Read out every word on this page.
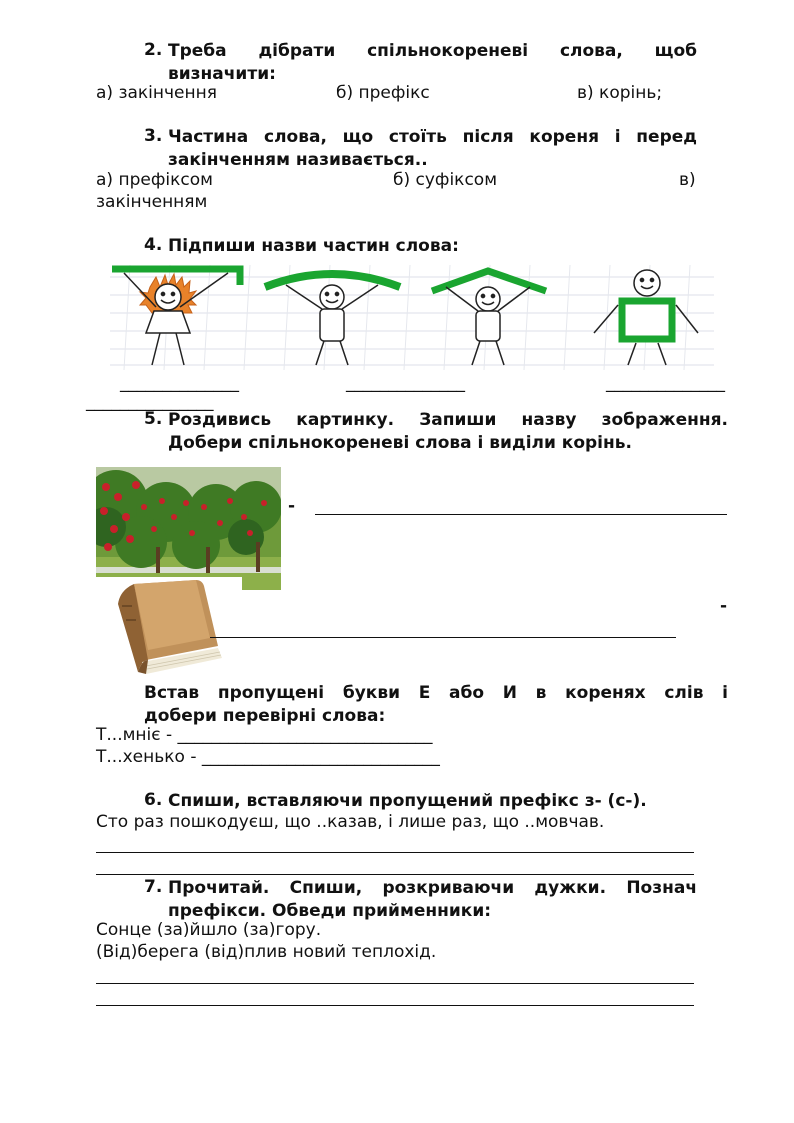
2. Треба дібрати спільнокореневі слова, щоб
визначити:
а) закінчення	б) префікс	в) корінь;
3. Частина слова, що стоїть після кореня і перед
закінченням називається..
а) префіксом	б) суфіксом	в)
закінченням
4. Підпиши назви частин слова:
______________	______________	______________
_______________
5. Роздивись картинку. Запиши назву зображення.
Добери спільнокореневі слова і виділи корінь.
-
-
Встав пропущені букви Е або И в коренях слів і
добери перевірні слова:
Т...мніє - ______________________________
Т...хенько - ____________________________
6. Спиши, вставляючи пропущений префікс з- (с-).
Сто раз пошкодуєш, що ..казав, і лише раз, що ..мовчав.
7. Прочитай. Спиши, розкриваючи дужки. Познач
префікси. Обведи прийменники:
Сонце (за)йшло (за)гору.
(Від)берега (від)плив новий теплохід.
